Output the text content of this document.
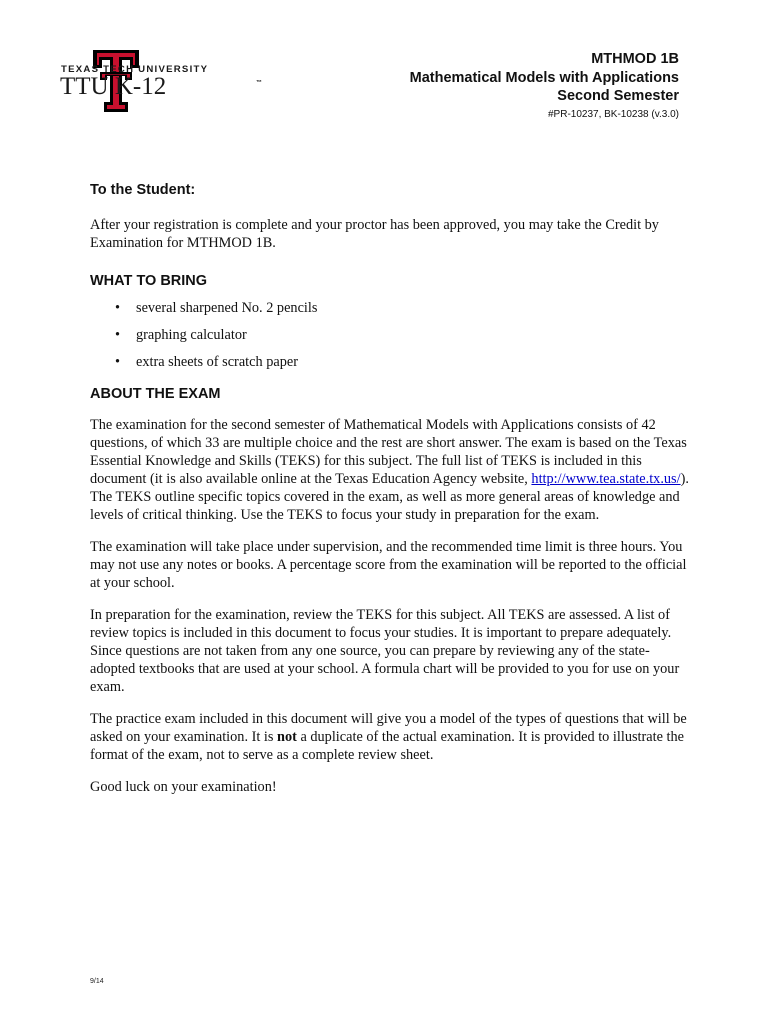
TEXAS TECH UNIVERSITY
TTU K-12	™
MTHMOD 1B
Mathematical Models with Applications
Second Semester
#PR-10237, BK-10238 (v.3.0)
To the Student:

After your registration is complete and your proctor has been approved, you may take the Credit by Examination for MTHMOD 1B.

WHAT TO BRING
• several sharpened No. 2 pencils
• graphing calculator
• extra sheets of scratch paper
ABOUT THE EXAM

The examination for the second semester of Mathematical Models with Applications consists of 42 questions, of which 33 are multiple choice and the rest are short answer. The exam is based on the Texas Essential Knowledge and Skills (TEKS) for this subject. The full list of TEKS is included in this document (it is also available online at the Texas Education Agency website, http://www.tea.state.tx.us/). The TEKS outline specific topics covered in the exam, as well as more general areas of knowledge and levels of critical thinking. Use the TEKS to focus your study in preparation for the exam.

The examination will take place under supervision, and the recommended time limit is three hours. You may not use any notes or books. A percentage score from the examination will be reported to the official at your school.

In preparation for the examination, review the TEKS for this subject. All TEKS are assessed. A list of review topics is included in this document to focus your studies. It is important to prepare adequately. Since questions are not taken from any one source, you can prepare by reviewing any of the state-adopted textbooks that are used at your school. A formula chart will be provided to you for use on your exam.

The practice exam included in this document will give you a model of the types of questions that will be asked on your examination. It is not a duplicate of the actual examination. It is provided to illustrate the format of the exam, not to serve as a complete review sheet.

Good luck on your examination!

9/14
